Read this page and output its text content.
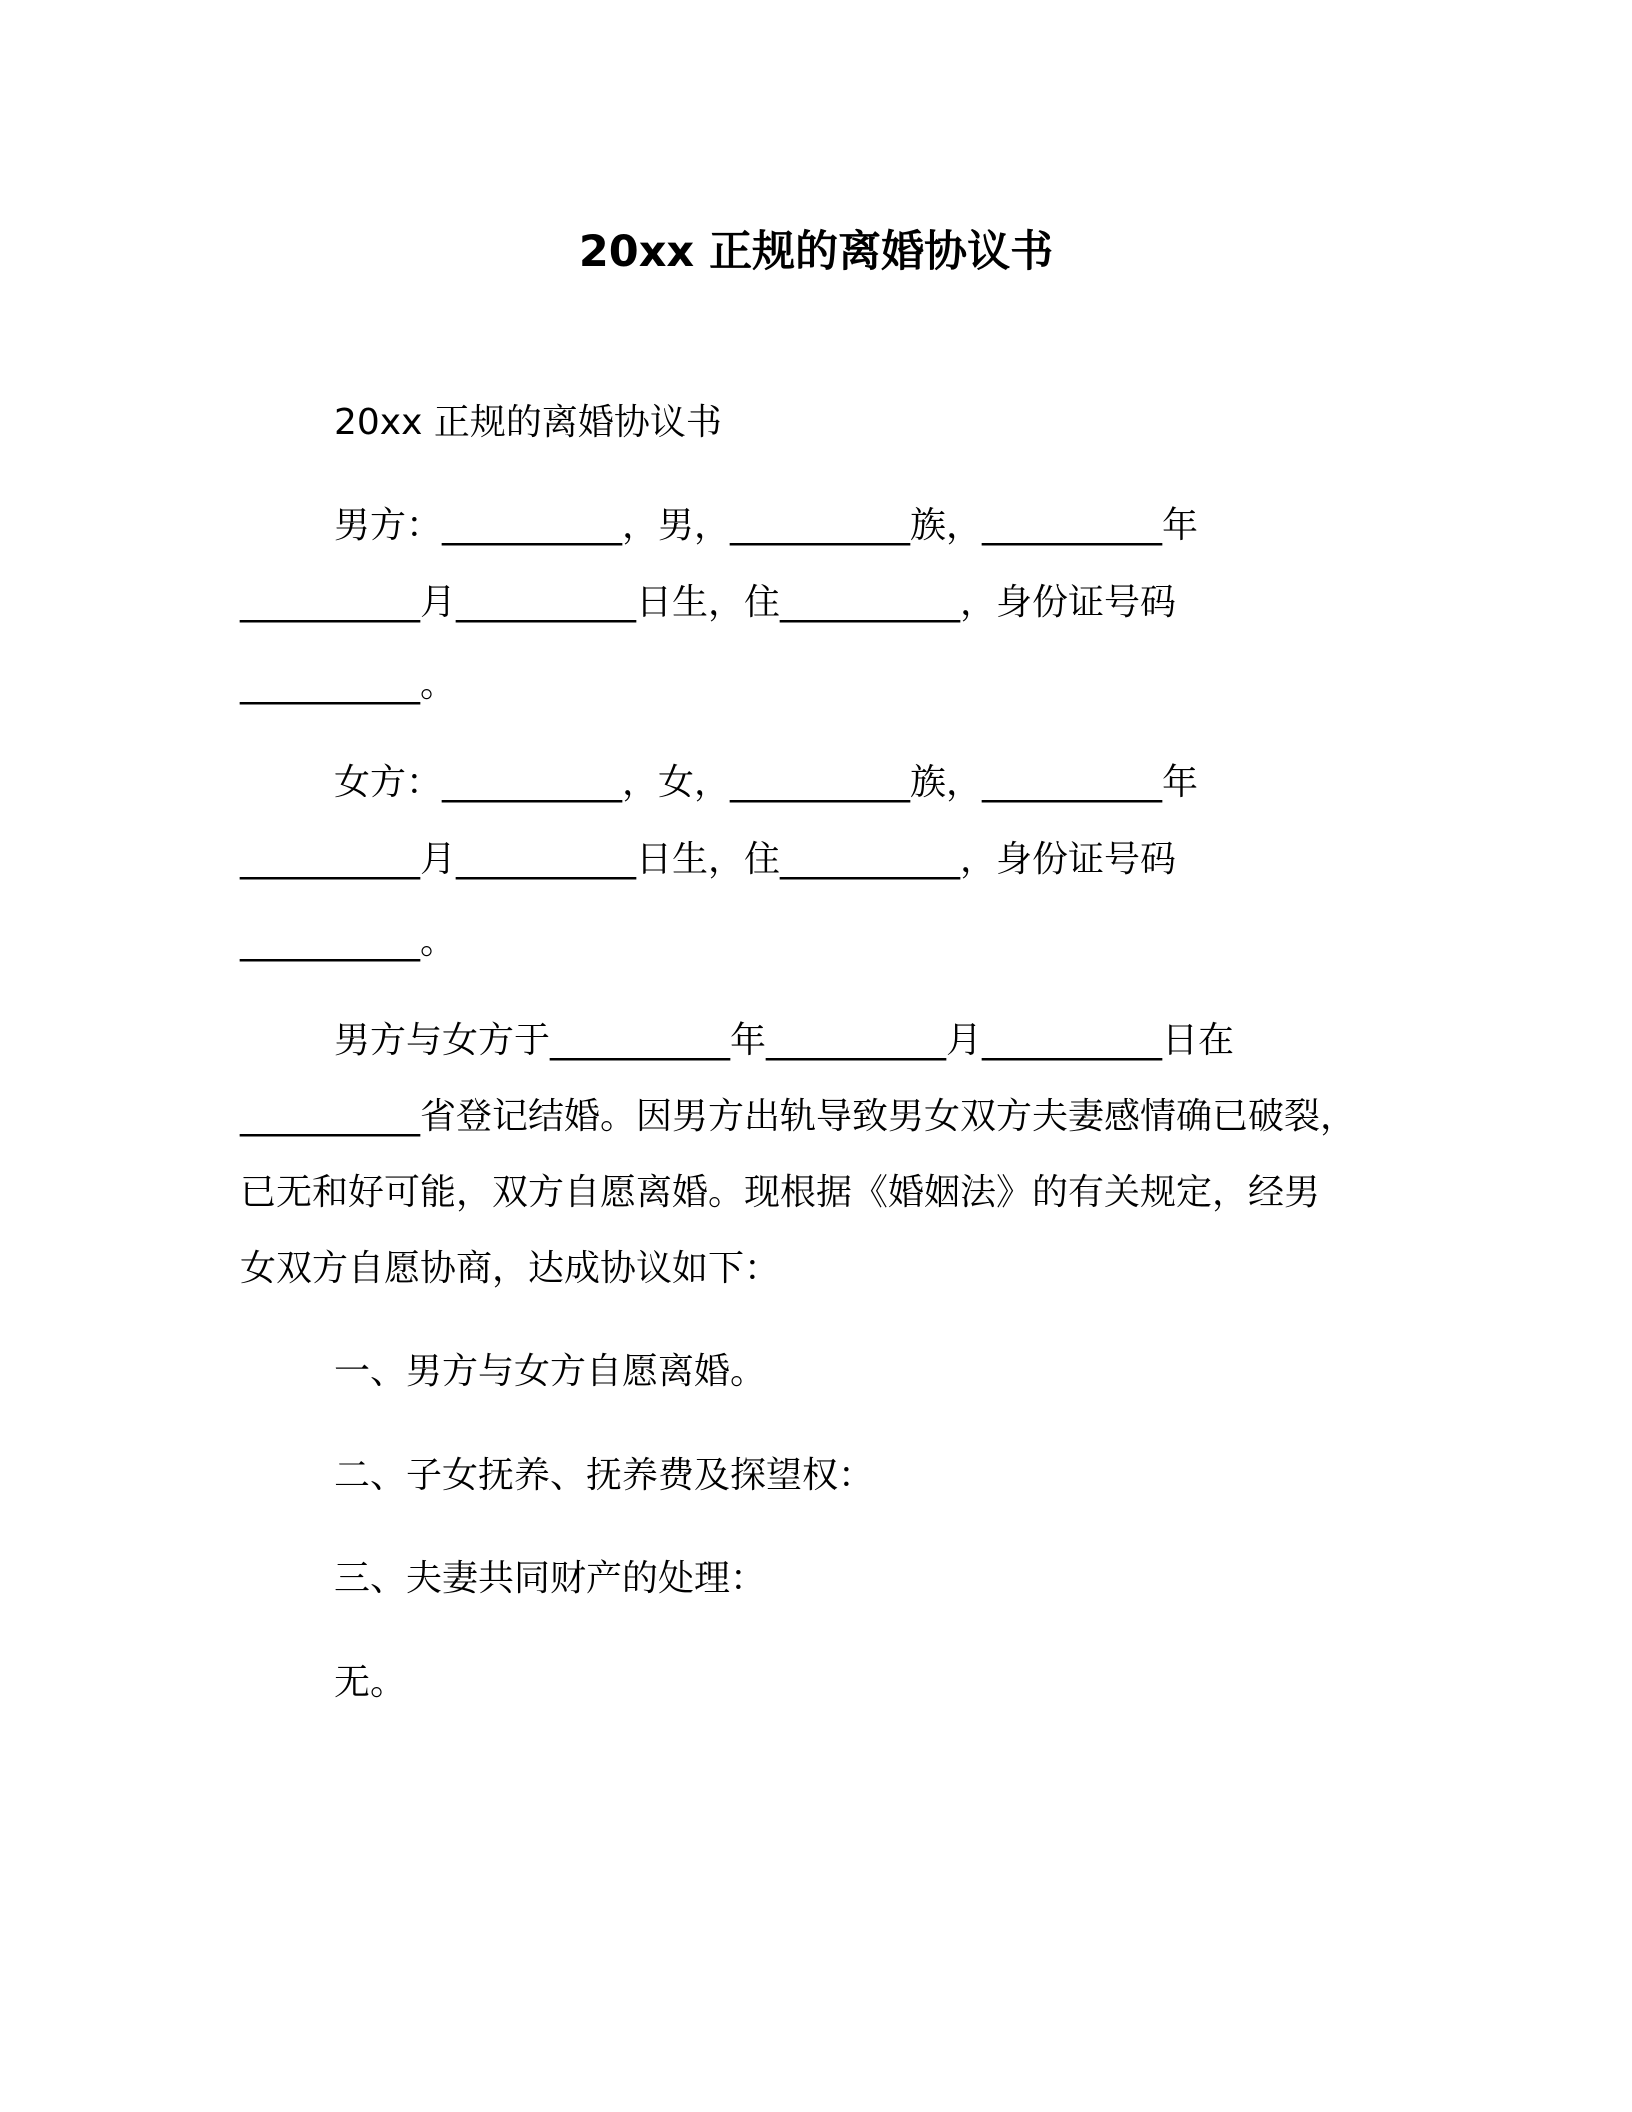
20xx 正规的离婚协议书
20xx 正规的离婚协议书
男方：__________，男，__________族，__________年
__________月__________日生，住__________，身份证号码
__________。
女方：__________，女，__________族，__________年
__________月__________日生，住__________，身份证号码
__________。
男方与女方于__________年__________月__________日在
__________省登记结婚。因男方出轨导致男女双方夫妻感情确已破裂，
已无和好可能，双方自愿离婚。现根据《婚姻法》的有关规定，经男
女双方自愿协商，达成协议如下：
一、男方与女方自愿离婚。
二、子女抚养、抚养费及探望权：
三、夫妻共同财产的处理：
无。
